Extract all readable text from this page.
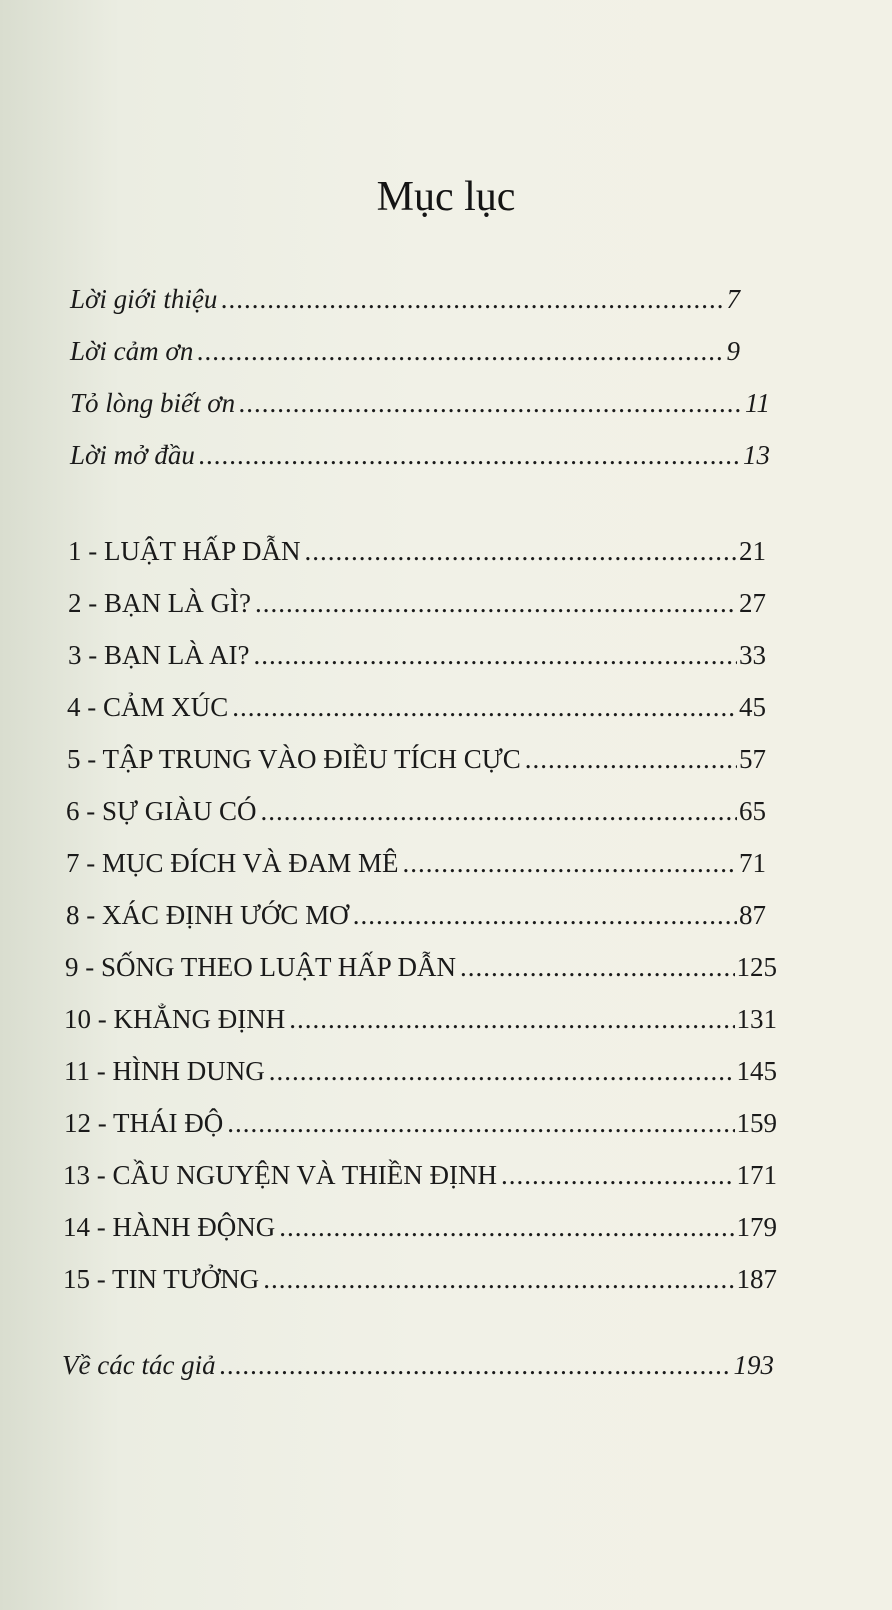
Mục lục
Lời giới thiệu .....	7
Lời cảm ơn .....	9
Tỏ lòng biết ơn .....	11
Lời mở đầu .....	13
1 - LUẬT HẤP DẪN .....	21
2 - BẠN LÀ GÌ? .....	27
3 - BẠN LÀ AI? .....	33
4 - CẢM XÚC .....	45
5 - TẬP TRUNG VÀO ĐIỀU TÍCH CỰC .....	57
6 - SỰ GIÀU CÓ .....	65
7 - MỤC ĐÍCH VÀ ĐAM MÊ .....	71
8 - XÁC ĐỊNH ƯỚC MƠ .....	87
9 - SỐNG THEO LUẬT HẤP DẪN .....	125
10 - KHẲNG ĐỊNH .....	131
11 - HÌNH DUNG .....	145
12 - THÁI ĐỘ .....	159
13 - CẦU NGUYỆN VÀ THIỀN ĐỊNH .....	171
14 - HÀNH ĐỘNG .....	179
15 - TIN TƯỞNG .....	187
Về các tác giả .....	193
